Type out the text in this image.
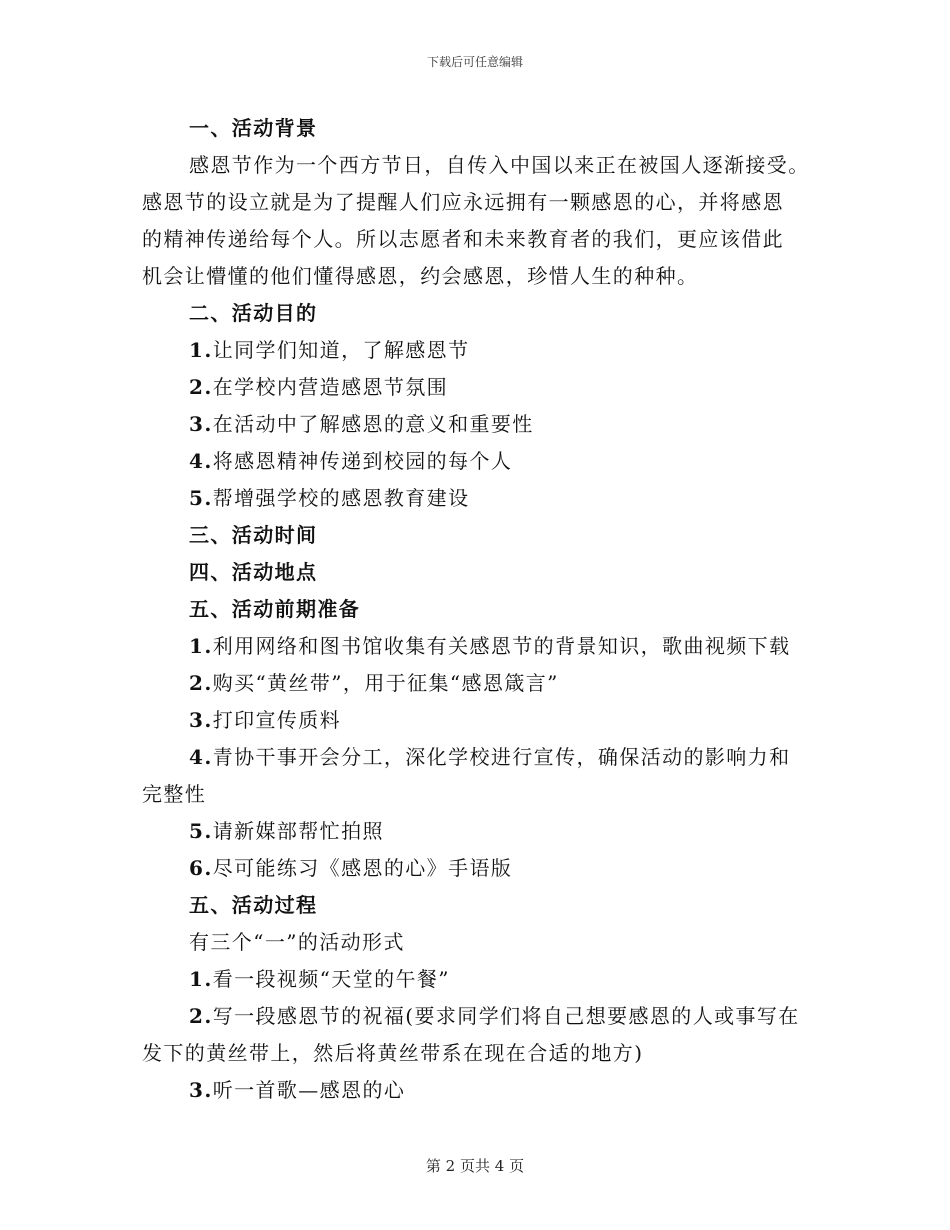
下载后可任意编辑
一、活动背景
感恩节作为一个西方节日，自传入中国以来正在被国人逐渐接受。
感恩节的设立就是为了提醒人们应永远拥有一颗感恩的心，并将感恩
的精神传递给每个人。所以志愿者和未来教育者的我们，更应该借此
机会让懵懂的他们懂得感恩，约会感恩，珍惜人生的种种。
二、活动目的
1.让同学们知道，了解感恩节
2.在学校内营造感恩节氛围
3.在活动中了解感恩的意义和重要性
4.将感恩精神传递到校园的每个人
5.帮增强学校的感恩教育建设
三、活动时间
四、活动地点
五、活动前期准备
1.利用网络和图书馆收集有关感恩节的背景知识，歌曲视频下载
2.购买“黄丝带”，用于征集“感恩箴言”
3.打印宣传质料
4.青协干事开会分工，深化学校进行宣传，确保活动的影响力和
完整性
5.请新媒部帮忙拍照
6.尽可能练习《感恩的心》手语版
五、活动过程
有三个“一”的活动形式
1.看一段视频“天堂的午餐”
2.写一段感恩节的祝福(要求同学们将自己想要感恩的人或事写在
发下的黄丝带上，然后将黄丝带系在现在合适的地方)
3.听一首歌—感恩的心
第 2 页共 4 页
